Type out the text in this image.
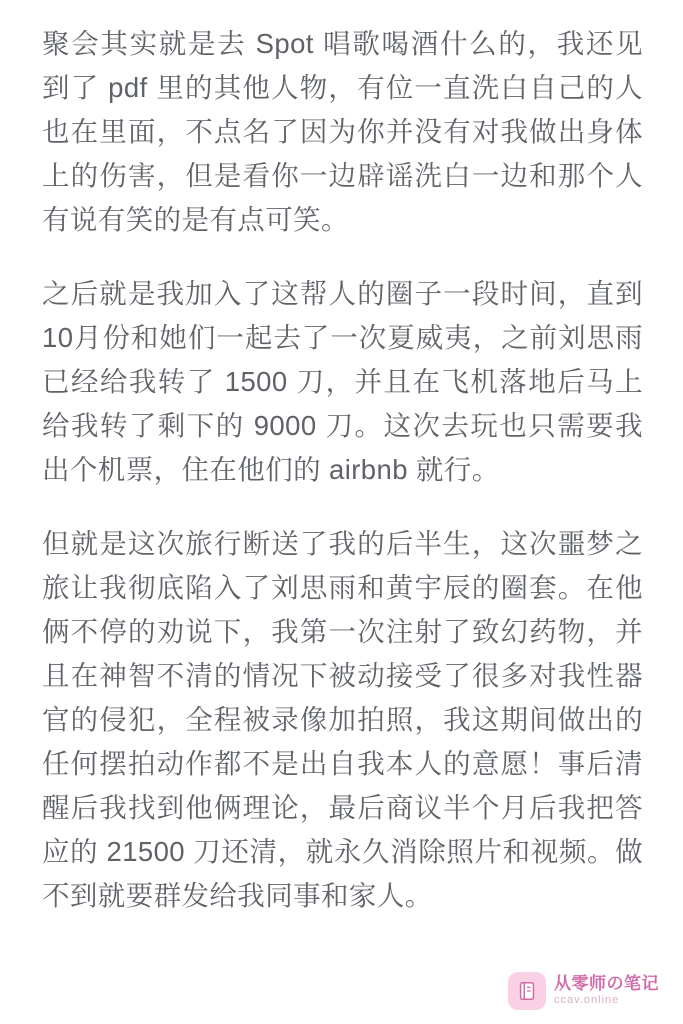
聚会其实就是去 Spot 唱歌喝酒什么的，我还见到了 pdf 里的其他人物，有位一直洗白自己的人也在里面，不点名了因为你并没有对我做出身体上的伤害，但是看你一边辟谣洗白一边和那个人有说有笑的是有点可笑。

之后就是我加入了这帮人的圈子一段时间，直到 10月份和她们一起去了一次夏威夷，之前刘思雨已经给我转了 1500 刀，并且在飞机落地后马上给我转了剩下的 9000 刀。这次去玩也只需要我出个机票，住在他们的 airbnb 就行。

但就是这次旅行断送了我的后半生，这次噩梦之旅让我彻底陷入了刘思雨和黄宇辰的圈套。在他俩不停的劝说下，我第一次注射了致幻药物，并且在神智不清的情况下被动接受了很多对我性器官的侵犯，全程被录像加拍照，我这期间做出的任何摆拍动作都不是出自我本人的意愿！事后清醒后我找到他俩理论，最后商议半个月后我把答应的 21500 刀还清，就永久消除照片和视频。做不到就要群发给我同事和家人。

从零师の笔记
ccav.online
